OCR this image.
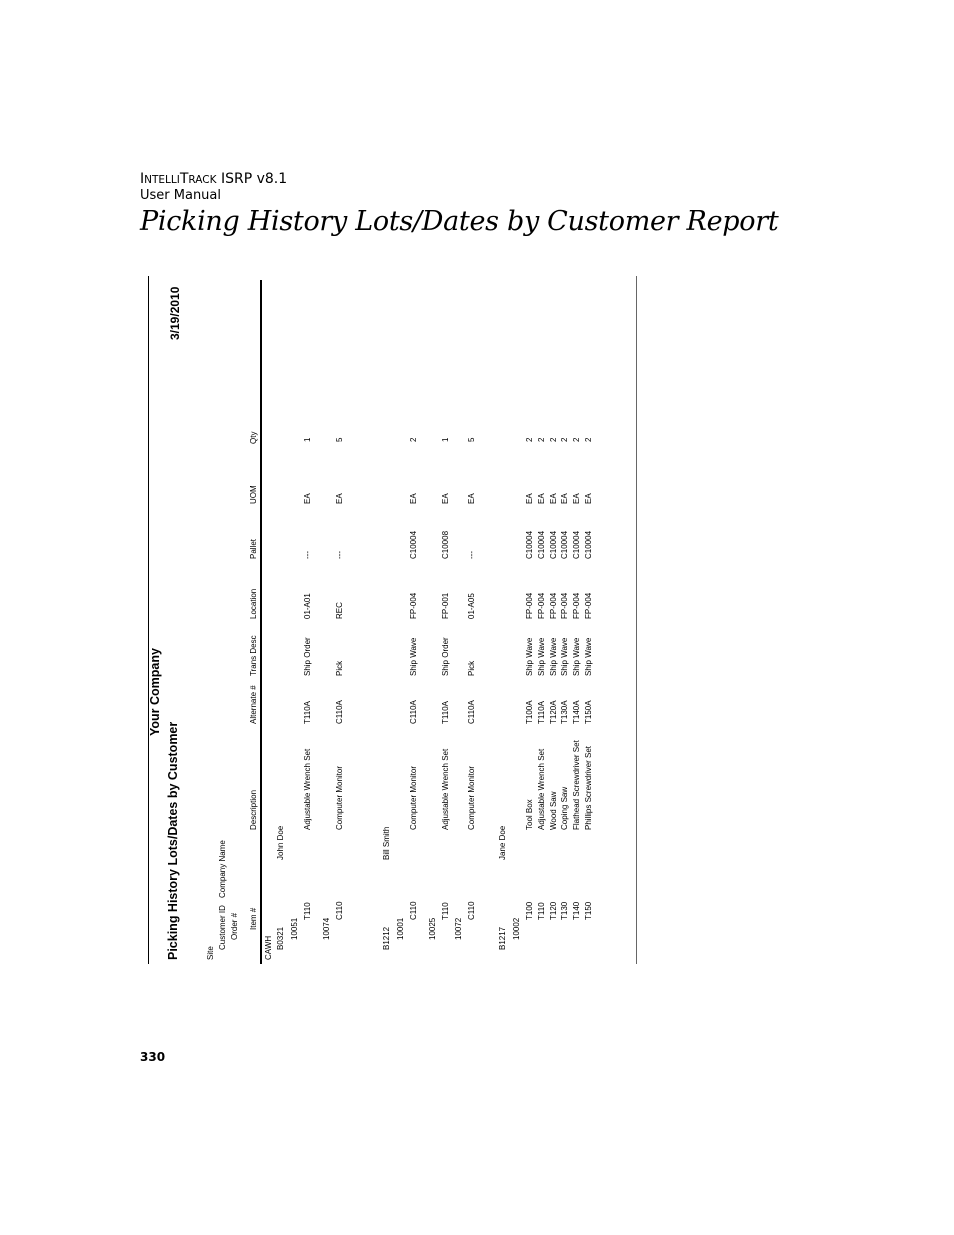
INTELLITRACK ISRP v8.1
User Manual
Picking History Lots/Dates by Customer Report
Your Company
Picking History Lots/Dates by Customer
3/19/2010
Site
Customer ID
Company Name
Order # Item #
Description
Alternate #
Trans Desc
Location
Pallet
UOM
Qty
CAWH B0321
John Doe
10051
T110
Adjustable Wrench Set
T110A
Ship Order
01-A01
---
EA
1
10074
C110
Computer Monitor
C110A
Pick
REC
---
EA
5
B1212
Bill Smith
10001
C110
Computer Monitor
C110A
Ship Wave
FP-004
C10004
EA
2
10025
T110
Adjustable Wrench Set
T110A
Ship Order
FP-001
C10008
EA
1
10072
C110
Computer Monitor
C110A
Pick
01-A05
---
EA
5
B1217
Jane Doe
10002
T100
Tool Box
T100A
Ship Wave
FP-004
C10004
EA
2
T110
Adjustable Wrench Set
T110A
Ship Wave
FP-004
C10004
EA
2
T120
Wood Saw
T120A
Ship Wave
FP-004
C10004
EA
2
T130
Coping Saw
T130A
Ship Wave
FP-004
C10004
EA
2
T140
Flathead Screwdriver Set
T140A
Ship Wave
FP-004
C10004
EA
2
T150
Phillips Screwdriver Set
T150A
Ship Wave
FP-004
C10004
EA
2
330
